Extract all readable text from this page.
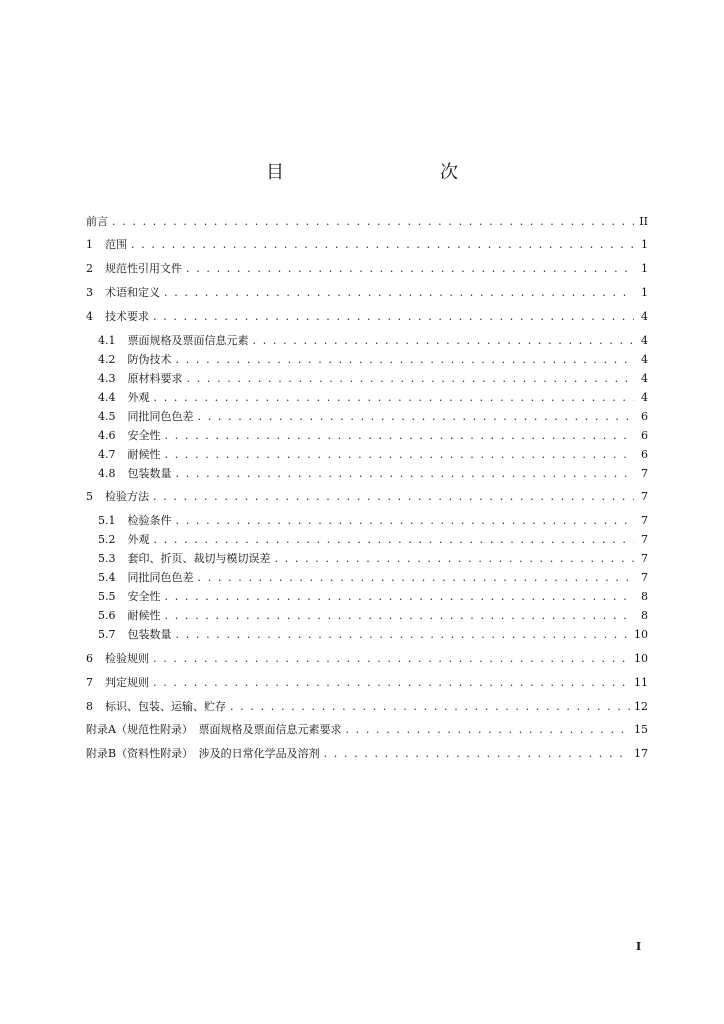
目　　次
前言 . . .	II
1 范围 . . .	1
2 规范性引用文件 . . .	1
3 术语和定义 . . .	1
4 技术要求 . . .	4
4.1 票面规格及票面信息元素 . . .	4
4.2 防伪技术 . . .	4
4.3 原材料要求 . . .	4
4.4 外观 . . .	4
4.5 同批同色色差 . . .	6
4.6 安全性 . . .	6
4.7 耐候性 . . .	6
4.8 包装数量 . . .	7
5 检验方法 . . .	7
5.1 检验条件 . . .	7
5.2 外观 . . .	7
5.3 套印、折页、裁切与模切误差 . . .	7
5.4 同批同色色差 . . .	7
5.5 安全性 . . .	8
5.6 耐候性 . . .	8
5.7 包装数量 . . .	10
6 检验规则 . . .	10
7 判定规则 . . .	11
8 标识、包装、运输、贮存 . . .	12
附录A（规范性附录）　票面规格及票面信息元素要求 . . .	15
附录B（资料性附录）　涉及的日常化学品及溶剂 . . .	17
I
